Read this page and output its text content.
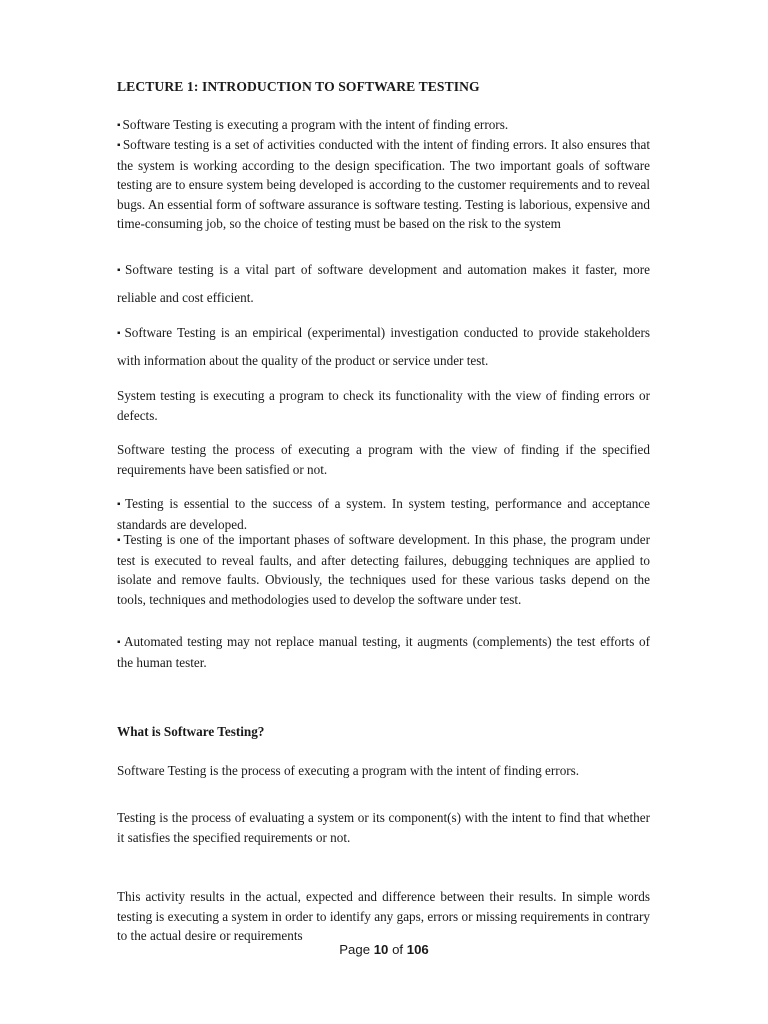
LECTURE 1: INTRODUCTION TO SOFTWARE TESTING

▪ Software Testing is executing a program with the intent of finding errors.

▪ Software testing is a set of activities conducted with the intent of finding errors. It also ensures that the system is working according to the design specification. The two important goals of software testing are to ensure system being developed is according to the customer requirements and to reveal bugs. An essential form of software assurance is software testing. Testing is laborious, expensive and time-consuming job, so the choice of testing must be based on the risk to the system

▪ Software testing is a vital part of software development and automation makes it faster, more reliable and cost efficient.

▪ Software Testing is an empirical (experimental) investigation conducted to provide stakeholders with information about the quality of the product or service under test.

System testing is executing a program to check its functionality with the view of finding errors or defects.

Software testing the process of executing a program with the view of finding if the specified requirements have been satisfied or not.

▪ Testing is essential to the success of a system. In system testing, performance and acceptance standards are developed.

▪ Testing is one of the important phases of software development. In this phase, the program under test is executed to reveal faults, and after detecting failures, debugging techniques are applied to isolate and remove faults. Obviously, the techniques used for these various tasks depend on the tools, techniques and methodologies used to develop the software under test.

▪ Automated testing may not replace manual testing, it augments (complements) the test efforts of the human tester.

What is Software Testing?

Software Testing is the process of executing a program with the intent of finding errors.

Testing is the process of evaluating a system or its component(s) with the intent to find that whether it satisfies the specified requirements or not.

This activity results in the actual, expected and difference between their results. In simple words testing is executing a system in order to identify any gaps, errors or missing requirements in contrary to the actual desire or requirements

Page 10 of 106
